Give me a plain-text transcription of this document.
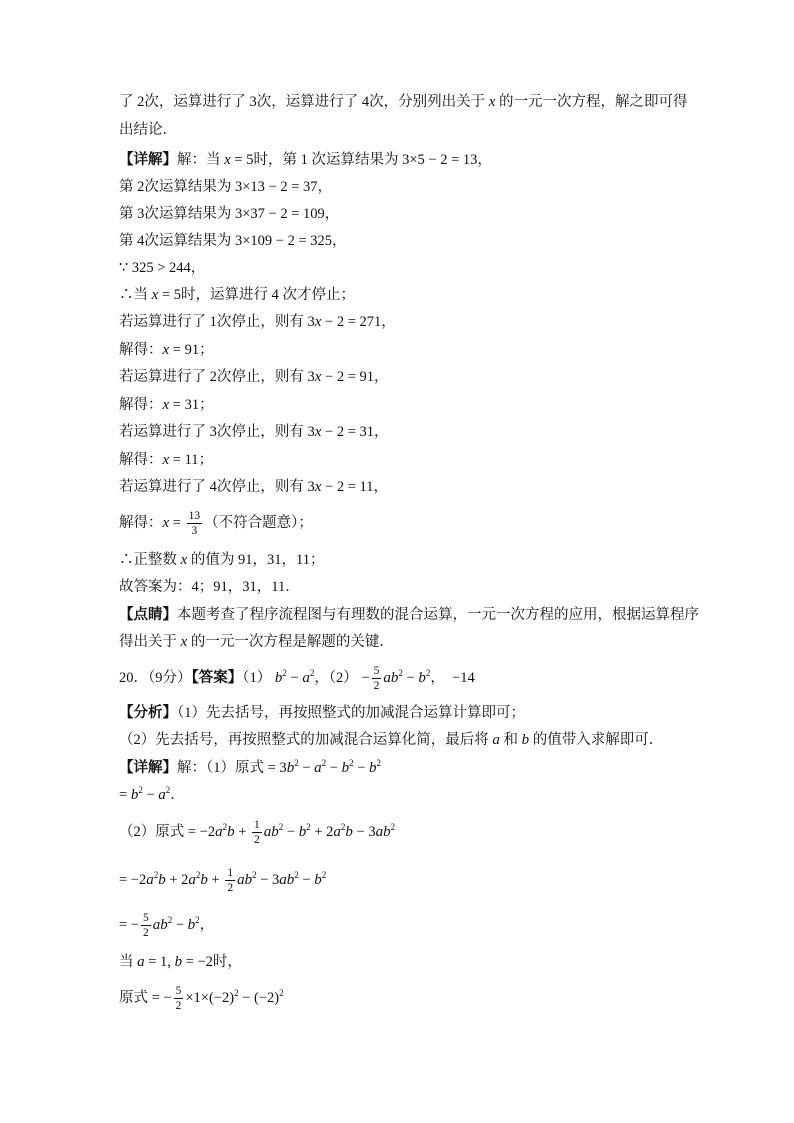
了 2次，运算进行了 3次，运算进行了 4次，分别列出关于 x 的一元一次方程，解之即可得
出结论．
【详解】解：当 x = 5时，第 1 次运算结果为 3×5 − 2 = 13，
第 2次运算结果为 3×13 − 2 = 37，
第 3次运算结果为 3×37 − 2 = 109，
第 4次运算结果为 3×109 − 2 = 325，
∵ 325 > 244，
∴当 x = 5时，运算进行 4 次才停止；
若运算进行了 1次停止，则有 3x − 2 = 271，
解得：x = 91；
若运算进行了 2次停止，则有 3x − 2 = 91，
解得：x = 31；
若运算进行了 3次停止，则有 3x − 2 = 31，
解得：x = 11；
若运算进行了 4次停止，则有 3x − 2 = 11，
解得：$x = \frac{13}{3}$ （不符合题意）；
∴正整数 x 的值为 91，31，11；
故答案为：4；91，31，11．
【点睛】本题考查了程序流程图与有理数的混合运算，一元一次方程的应用，根据运算程序
得出关于 x 的一元一次方程是解题的关键．
20．（9分）【答案】（1） $b^2 - a^2$，$(2) - \frac{5}{2} ab^2 - b^2$，  −14
【分析】（1）先去括号，再按照整式的加减混合运算计算即可；
（2）先去括号，再按照整式的加减混合运算化简，最后将 a 和 b 的值带入求解即可．
【详解】解：（1）原式 = $3b^2 - a^2 - b^2 - b^2$
= $b^2 - a^2$．
（2）原式 = $-2a^2b + \frac{1}{2} ab^2 - b^2 + 2a^2b - 3ab^2$
= $-2a^2b + 2a^2b + \frac{1}{2} ab^2 - 3ab^2 - b^2$
= − $\frac{5}{2} ab^2 - b^2$，
当 a = 1, b = −2时，
原式 = − $\frac{5}{2} \times 1\times(-2)^2 - (-2)^2$
